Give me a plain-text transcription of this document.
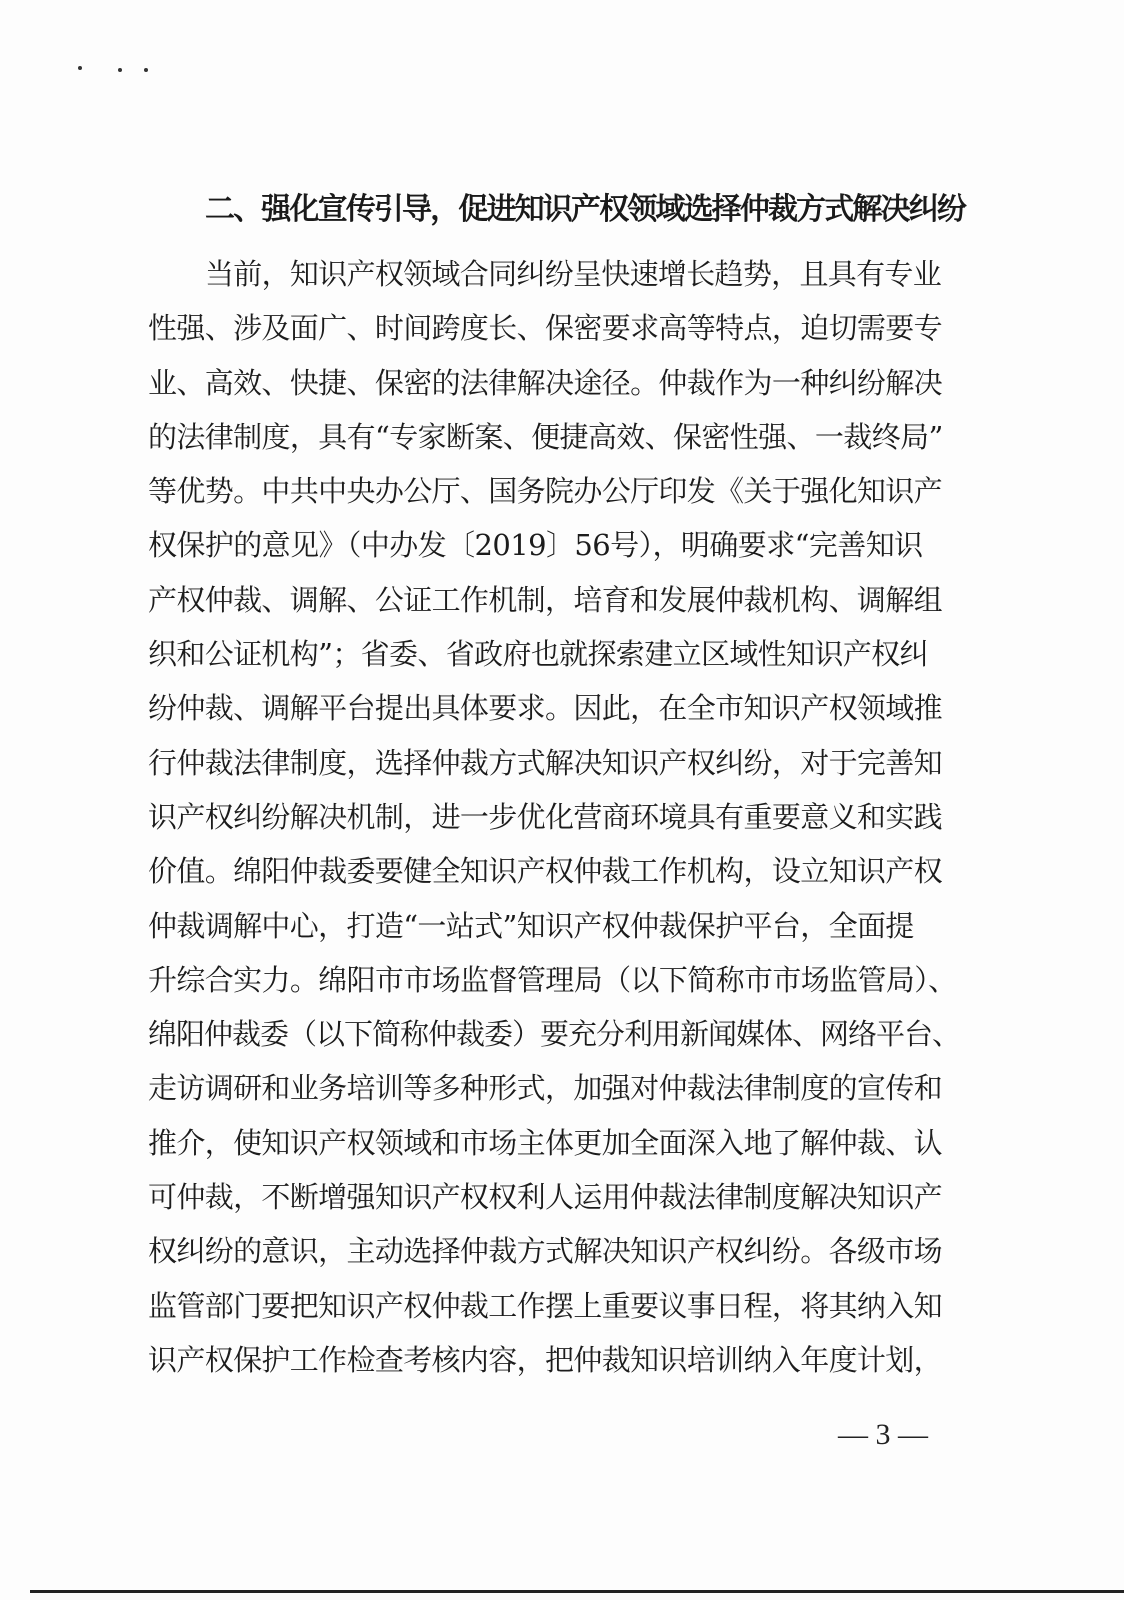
二、强化宣传引导，促进知识产权领域选择仲裁方式解决纠纷
当前，知识产权领域合同纠纷呈快速增长趋势，且具有专业
性强、涉及面广、时间跨度长、保密要求高等特点，迫切需要专
业、高效、快捷、保密的法律解决途径。仲裁作为一种纠纷解决
的法律制度，具有“专家断案、便捷高效、保密性强、一裁终局”
等优势。中共中央办公厅、国务院办公厅印发《关于强化知识产
权保护的意见》（中办发〔2019〕56号），明确要求“完善知识
产权仲裁、调解、公证工作机制，培育和发展仲裁机构、调解组
织和公证机构”；省委、省政府也就探索建立区域性知识产权纠
纷仲裁、调解平台提出具体要求。因此，在全市知识产权领域推
行仲裁法律制度，选择仲裁方式解决知识产权纠纷，对于完善知
识产权纠纷解决机制，进一步优化营商环境具有重要意义和实践
价值。绵阳仲裁委要健全知识产权仲裁工作机构，设立知识产权
仲裁调解中心，打造“一站式”知识产权仲裁保护平台，全面提
升综合实力。绵阳市市场监督管理局（以下简称市市场监管局）、
绵阳仲裁委（以下简称仲裁委）要充分利用新闻媒体、网络平台、
走访调研和业务培训等多种形式，加强对仲裁法律制度的宣传和
推介，使知识产权领域和市场主体更加全面深入地了解仲裁、认
可仲裁，不断增强知识产权权利人运用仲裁法律制度解决知识产
权纠纷的意识，主动选择仲裁方式解决知识产权纠纷。各级市场
监管部门要把知识产权仲裁工作摆上重要议事日程，将其纳入知
识产权保护工作检查考核内容，把仲裁知识培训纳入年度计划，
— 3 —
